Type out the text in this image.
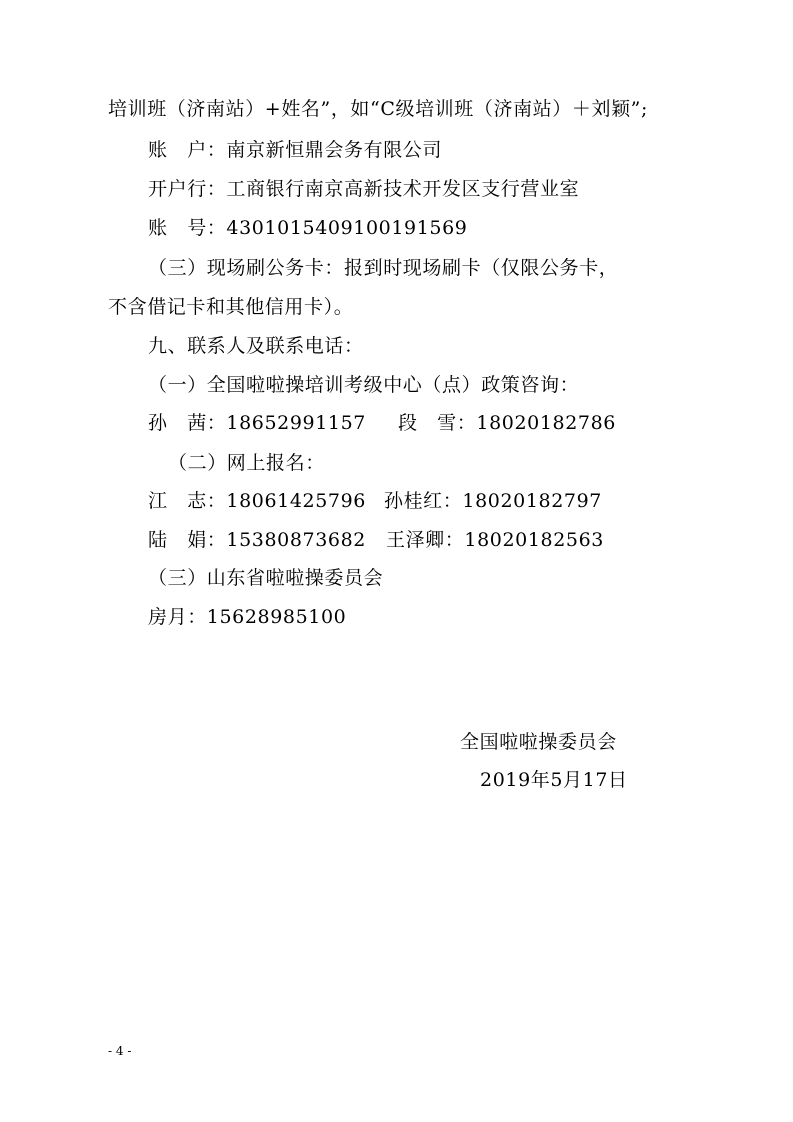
培训班（济南站）+姓名”，如“C级培训班（济南站）＋刘颖”;
账　户：南京新恒鼎会务有限公司
开户行：工商银行南京高新技术开发区支行营业室
账　号：4301015409100191569
（三）现场刷公务卡：报到时现场刷卡（仅限公务卡，
不含借记卡和其他信用卡）。
九、联系人及联系电话：
（一）全国啦啦操培训考级中心（点）政策咨询：
孙　茜：18652991157 段　雪：18020182786
（二）网上报名：
江　志：18061425796 孙桂红：18020182797
陆　娟：15380873682 王泽卿：18020182563
（三）山东省啦啦操委员会
房月：15628985100
全国啦啦操委员会
2019年5月17日
- 4 -
